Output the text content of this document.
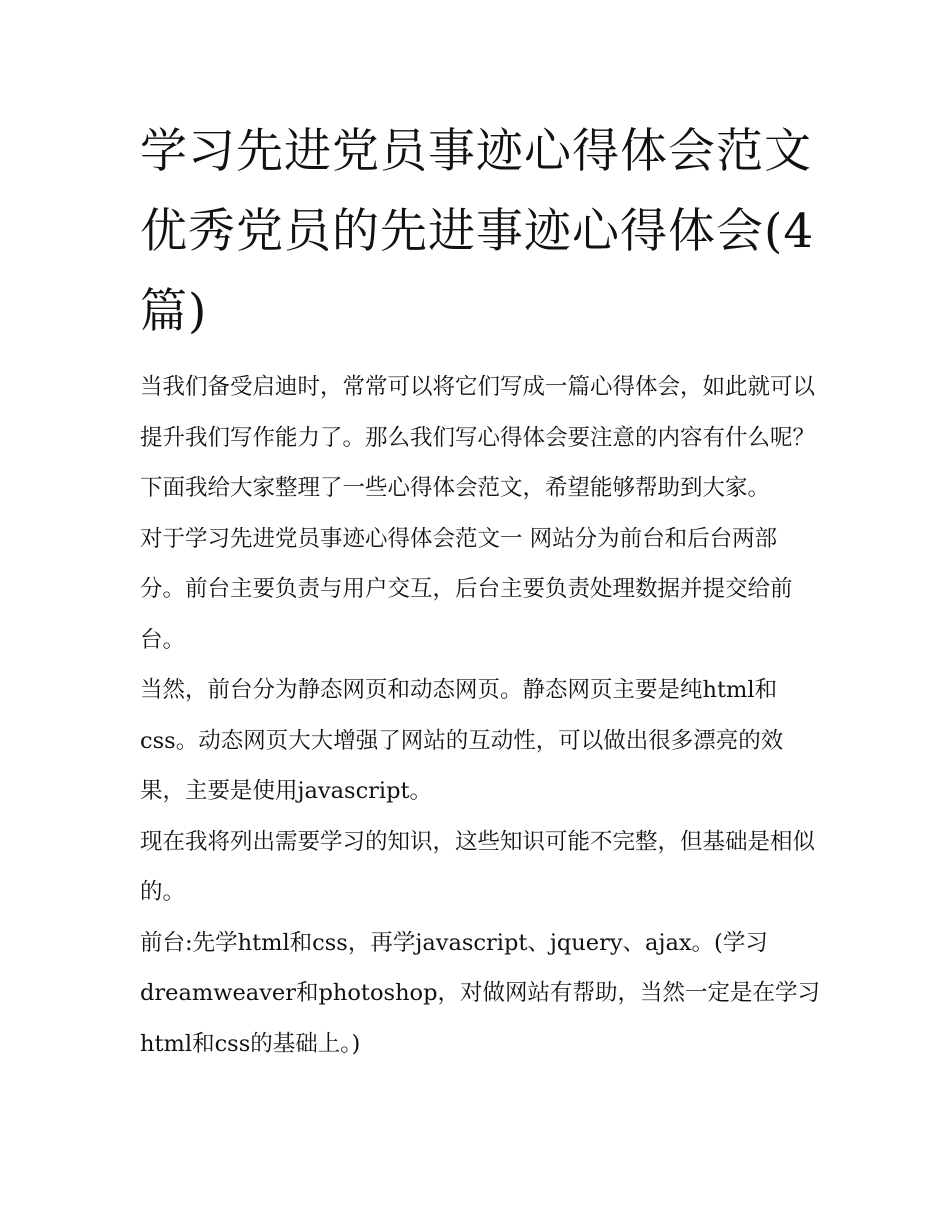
学习先进党员事迹心得体会范文 优秀党员的先进事迹心得体会(4篇)

当我们备受启迪时，常常可以将它们写成一篇心得体会，如此就可以提升我们写作能力了。那么我们写心得体会要注意的内容有什么呢？下面我给大家整理了一些心得体会范文，希望能够帮助到大家。

对于学习先进党员事迹心得体会范文一 网站分为前台和后台两部分。前台主要负责与用户交互，后台主要负责处理数据并提交给前台。

当然，前台分为静态网页和动态网页。静态网页主要是纯html和css。动态网页大大增强了网站的互动性，可以做出很多漂亮的效果，主要是使用javascript。

现在我将列出需要学习的知识，这些知识可能不完整，但基础是相似的。

前台:先学html和css，再学javascript、jquery、ajax。(学习dreamweaver和photoshop，对做网站有帮助，当然一定是在学习html和css的基础上。)
